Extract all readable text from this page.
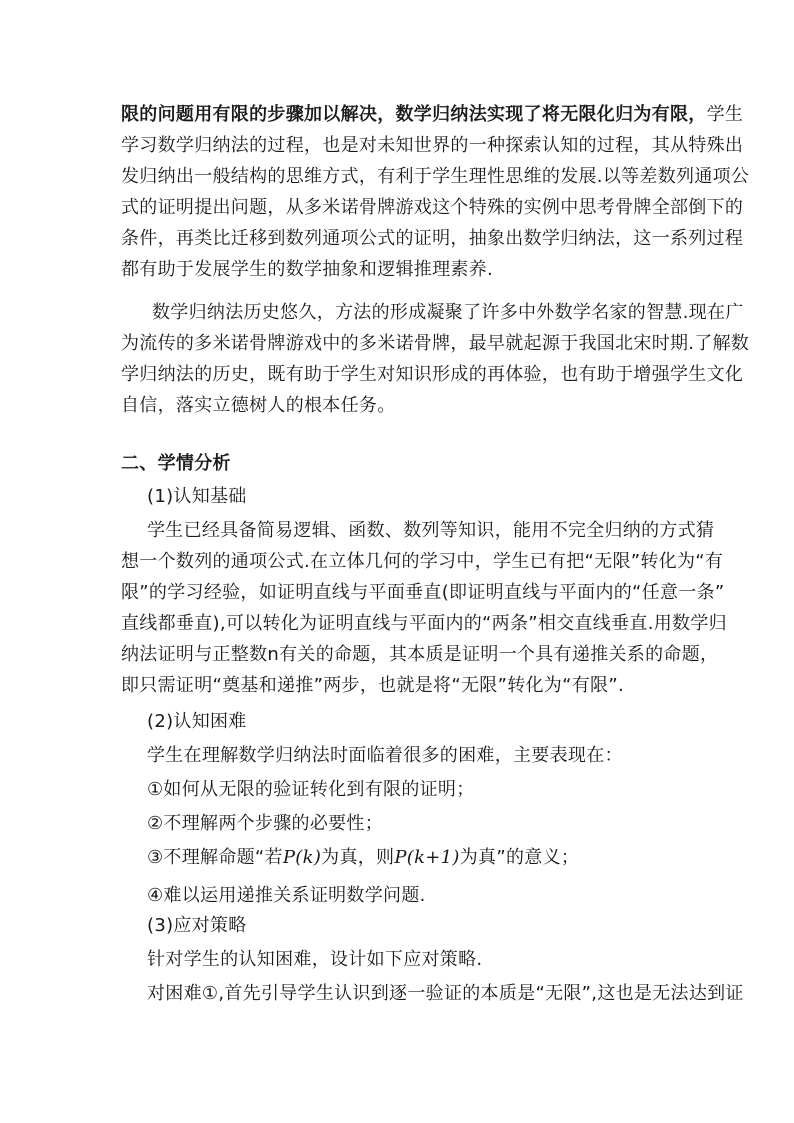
限的问题用有限的步骤加以解决，数学归纳法实现了将无限化归为有限，学生
学习数学归纳法的过程，也是对未知世界的一种探索认知的过程，其从特殊出
发归纳出一般结构的思维方式，有利于学生理性思维的发展.以等差数列通项公
式的证明提出问题，从多米诺骨牌游戏这个特殊的实例中思考骨牌全部倒下的
条件，再类比迁移到数列通项公式的证明，抽象出数学归纳法，这一系列过程
都有助于发展学生的数学抽象和逻辑推理素养.
数学归纳法历史悠久，方法的形成凝聚了许多中外数学名家的智慧.现在广
为流传的多米诺骨牌游戏中的多米诺骨牌，最早就起源于我国北宋时期.了解数
学归纳法的历史，既有助于学生对知识形成的再体验，也有助于增强学生文化
自信，落实立德树人的根本任务。
二、学情分析
(1)认知基础
学生已经具备简易逻辑、函数、数列等知识，能用不完全归纳的方式猜
想一个数列的通项公式.在立体几何的学习中，学生已有把“无限”转化为“有
限”的学习经验，如证明直线与平面垂直(即证明直线与平面内的“任意一条”
直线都垂直),可以转化为证明直线与平面内的“两条”相交直线垂直.用数学归
纳法证明与正整数n有关的命题，其本质是证明一个具有递推关系的命题，
即只需证明“奠基和递推”两步，也就是将“无限”转化为“有限”.
(2)认知困难
学生在理解数学归纳法时面临着很多的困难，主要表现在：
①如何从无限的验证转化到有限的证明；
②不理解两个步骤的必要性；
③不理解命题“若P(k)为真，则P(k+1)为真”的意义；
④难以运用递推关系证明数学问题.
(3)应对策略
针对学生的认知困难，设计如下应对策略.
对困难①,首先引导学生认识到逐一验证的本质是“无限”,这也是无法达到证
